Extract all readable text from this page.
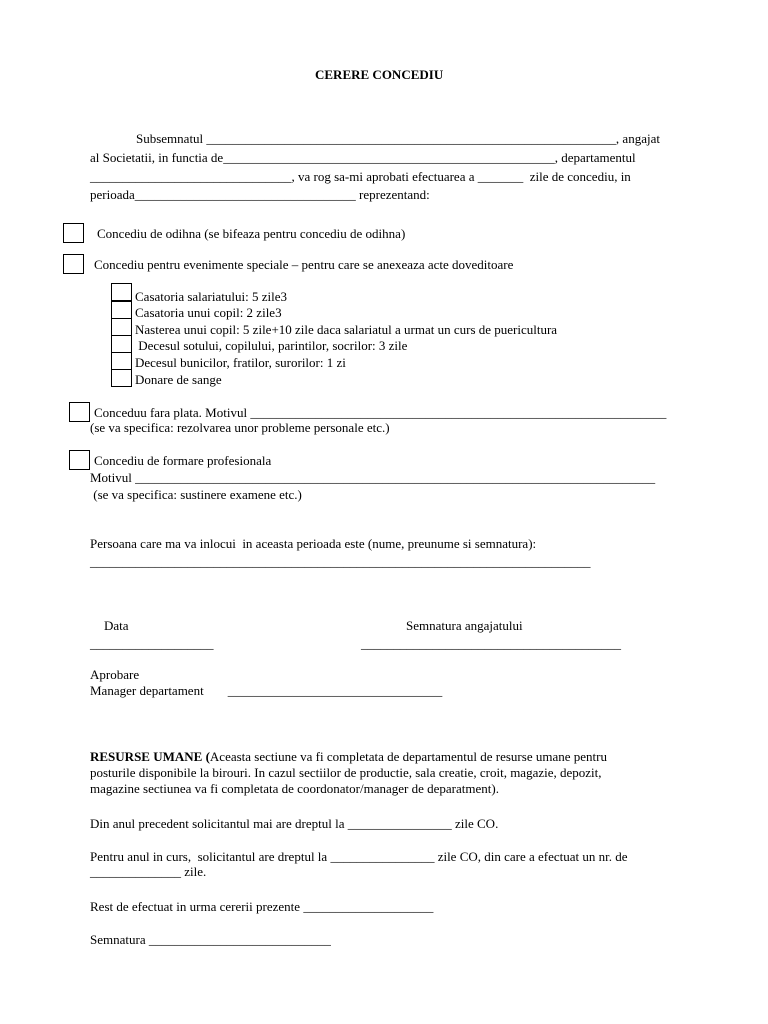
CERERE CONCEDIU
Subsemnatul _______________________________________________________________, angajat
al Societatii, in functia de___________________________________________________, departamentul
_______________________________, va rog sa-mi aprobati efectuarea a _______  zile de concediu, in
perioada__________________________________ reprezentand:
Concediu de odihna (se bifeaza pentru concediu de odihna)
Concediu pentru evenimente speciale – pentru care se anexeaza acte doveditoare
Casatoria salariatului: 5 zile3
Casatoria unui copil: 2 zile3
Nasterea unui copil: 5 zile+10 zile daca salariatul a urmat un curs de puericultura
Decesul sotului, copilului, parintilor, socrilor: 3 zile
Decesul bunicilor, fratilor, surorilor: 1 zi
Donare de sange
Conceduu fara plata. Motivul ________________________________________________________________
(se va specifica: rezolvarea unor probleme personale etc.)
Concediu de formare profesionala
Motivul ________________________________________________________________________________
(se va specifica: sustinere examene etc.)
Persoana care ma va inlocui  in aceasta perioada este (nume, preunume si semnatura):
_____________________________________________________________________________
Data	Semnatura angajatului
___________________	________________________________________
Aprobare
Manager departament _________________________________
RESURSE UMANE (Aceasta sectiune va fi completata de departamentul de resurse umane pentru
posturile disponibile la birouri. In cazul sectiilor de productie, sala creatie, croit, magazie, depozit,
magazine sectiunea va fi completata de coordonator/manager de deparatment).
Din anul precedent solicitantul mai are dreptul la ________________ zile CO.
Pentru anul in curs,  solicitantul are dreptul la ________________ zile CO, din care a efectuat un nr. de
______________ zile.
Rest de efectuat in urma cererii prezente ____________________
Semnatura ____________________________
